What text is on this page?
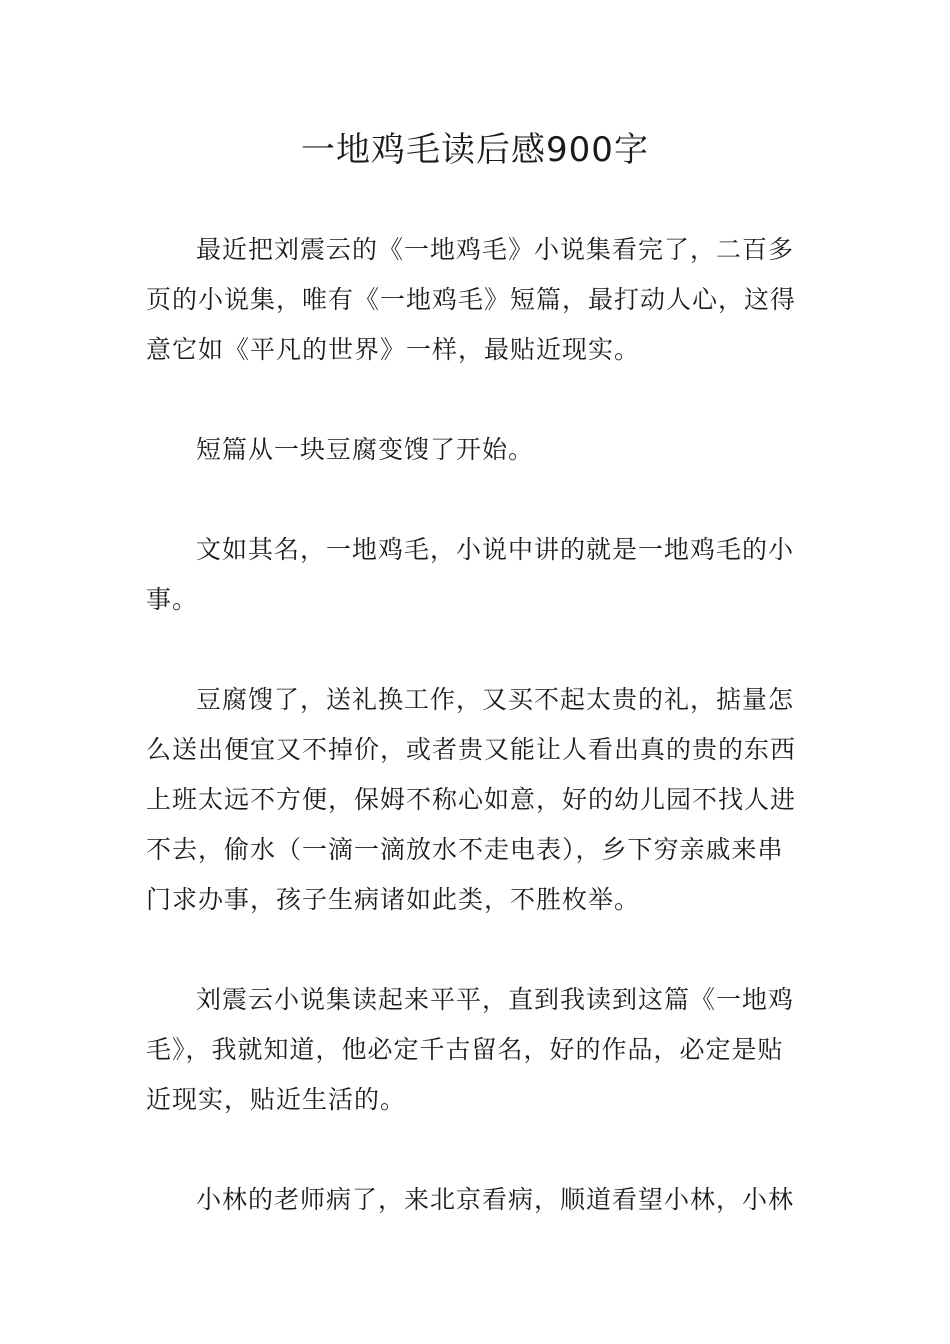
一地鸡毛读后感900字

最近把刘震云的《一地鸡毛》小说集看完了，二百多页的小说集，唯有《一地鸡毛》短篇，最打动人心，这得意它如《平凡的世界》一样，最贴近现实。

短篇从一块豆腐变馊了开始。

文如其名，一地鸡毛，小说中讲的就是一地鸡毛的小事。

豆腐馊了，送礼换工作，又买不起太贵的礼，掂量怎么送出便宜又不掉价，或者贵又能让人看出真的贵的东西上班太远不方便，保姆不称心如意，好的幼儿园不找人进不去，偷水（一滴一滴放水不走电表），乡下穷亲戚来串门求办事，孩子生病诸如此类，不胜枚举。

刘震云小说集读起来平平，直到我读到这篇《一地鸡毛》，我就知道，他必定千古留名，好的作品，必定是贴近现实，贴近生活的。

小林的老师病了，来北京看病，顺道看望小林，小林
